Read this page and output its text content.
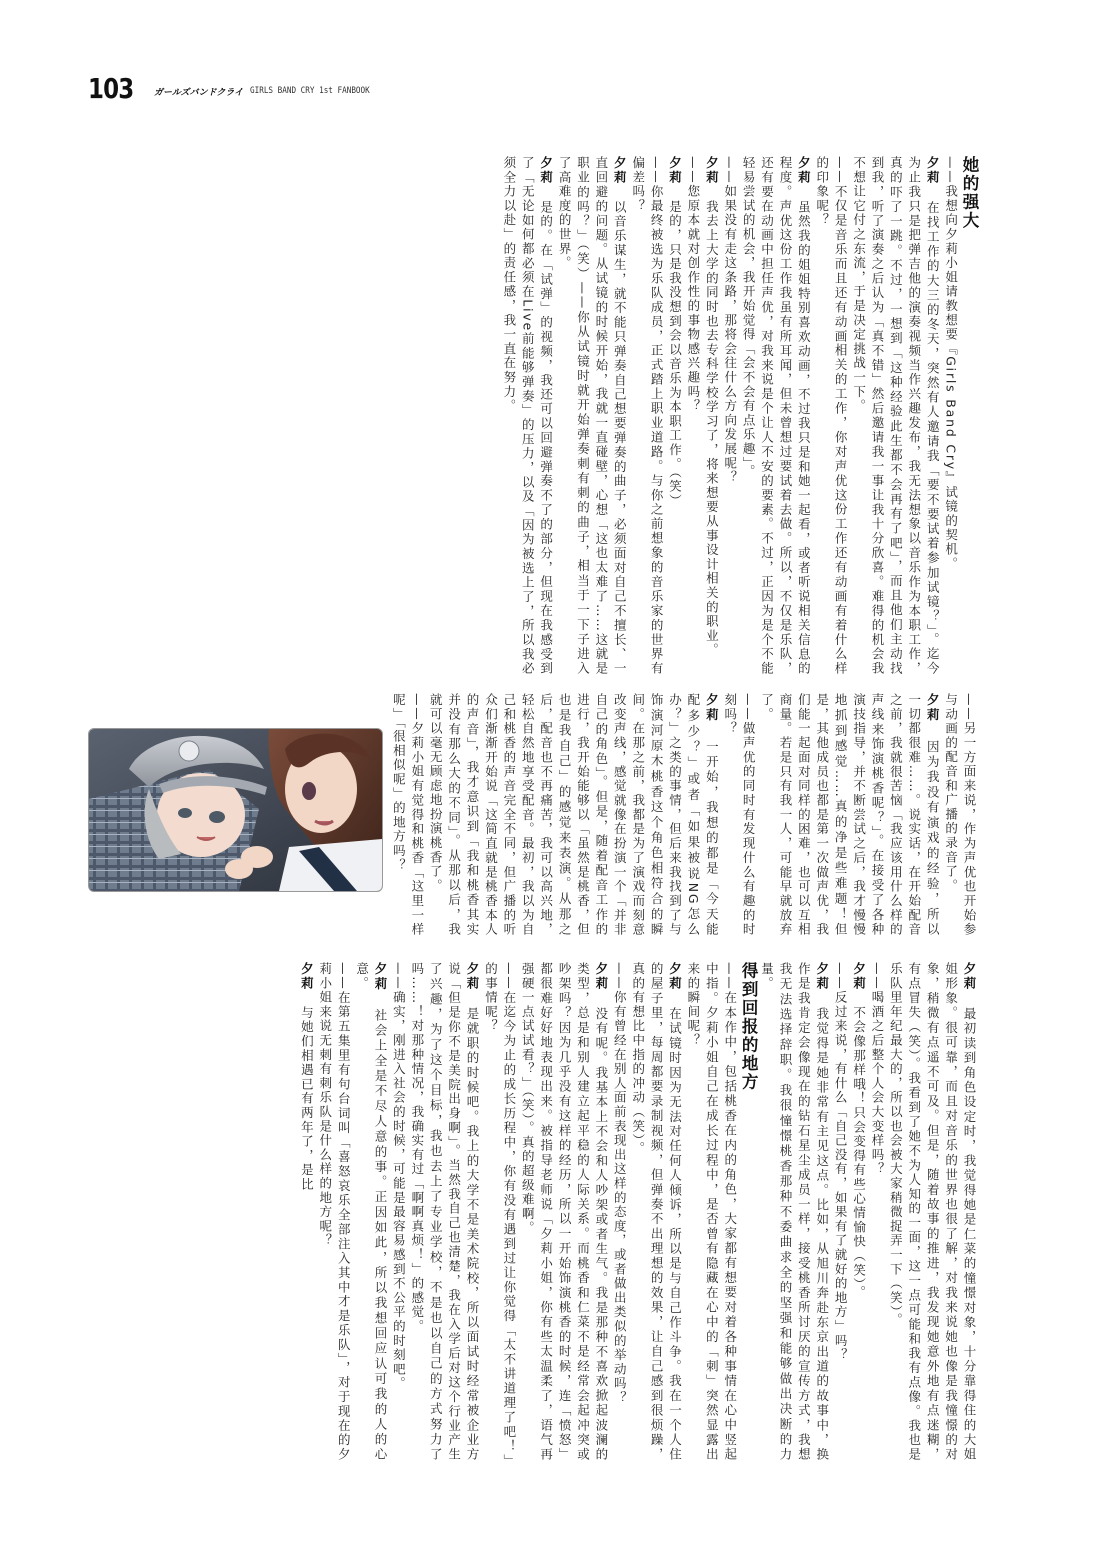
103 ガールズバンドクライ GIRLS BAND CRY 1st FANBOOK

她的强大

——我想向夕莉小姐请教想要『Girls Band Cry』试镜的契机。

夕莉　在找工作的大三的冬天，突然有人邀请我「要不要试着参加试镜？」。迄今为止我只是把弹吉他的演奏视频当作兴趣发布，我无法想象以音乐作为本职工作，真的吓了一跳。不过，一想到「这种经验此生都不会再有了吧」，而且他们主动找到我，听了演奏之后认为「真不错」然后邀请我一事让我十分欣喜。难得的机会我不想让它付之东流，于是决定挑战一下。

——不仅是音乐而且还有动画相关的工作，你对声优这份工作还有动画有着什么样的印象呢？

夕莉　虽然我的姐姐特别喜欢动画，不过我只是和她一起看，或者听说相关信息的程度。声优这份工作我虽有所耳闻，但未曾想过要试着去做。所以，不仅是乐队，还有要在动画中担任声优，对我来说是个让人不安的要素。不过，正因为是个不能轻易尝试的机会，我开始觉得「会不会有点乐趣」。

——如果没有走这条路，那将会往什么方向发展呢？

夕莉　我去上大学的同时也去专科学校学习了，将来想要从事设计相关的职业。

——您原本就对创作性的事物感兴趣吗？

夕莉　是的，只是我没想到会以音乐为本职工作。（笑）

——你最终被选为乐队成员，正式踏上职业道路。与你之前想象的音乐家的世界有偏差吗？

夕莉　以音乐谋生，就不能只弹奏自己想要弹奏的曲子，必须面对自己不擅长、一直回避的问题。从试镜的时候开始，我就一直碰壁，心想「这也太难了……这就是职业的吗？」（笑）——你从试镜时就开始弹奏刺有刺的曲子，相当于一下子进入了高难度的世界。

夕莉　是的。在「试弹」的视频，我还可以回避弹奏不了的部分，但现在我感受到了「无论如何都必须在Live前能够弹奏」的压力，以及「因为被选上了，所以我必须全力以赴」的责任感，我一直在努力。

——另一方面来说，作为声优也开始参与动画的配音和广播的录音了。

夕莉　因为我没有演戏的经验，所以一切都很难……。说实话，在开始配音之前，我就很苦恼「我应该用什么样的声线来饰演桃香呢？」。在接受了各种演技指导，并不断尝试之后，我才慢慢地抓到感觉……真的净是些难题！但是，其他成员也都是第一次做声优，我们能一起面对同样的困难，也可以互相商量。若是只有我一人，可能早就放弃了。

——做声优的同时有发现什么有趣的时刻吗？

夕莉　一开始，我想的都是「今天能配多少？」或者「如果被说NG怎么办？」之类的事情，但后来我找到了与饰演河原木桃香这个角色相符合的瞬间。在那之前，我都是为了演戏而刻意改变声线，感觉就像在扮演一个「并非自己的角色」。但是，随着配音工作的进行，我开始能够以「虽然是桃香，但也是我自己」的感觉来表演。从那之后，配音也不再痛苦，我可以高兴地，轻松自然地享受配音。最初，我以为自己和桃香的声音完全不同，但广播的听众们渐渐开始说「这简直就是桃香本人的声音」，我才意识到「我和桃香其实并没有那么大的不同」。从那以后，我就可以毫无顾虑地扮演桃香了。

——夕莉小姐有觉得和桃香「这里一样呢」「很相似呢」的地方吗？

夕莉　最初读到角色设定时，我觉得她是仁菜的憧憬对象，十分靠得住的大姐姐形象。很可靠，而且对音乐的世界也很了解，对我来说她也像是我憧憬的对象，稍微有点遥不可及。但是，随着故事的推进，我发现她意外地有点迷糊，有点冒失（笑）。我看到了她不为人知的一面，这一点可能和我有点像。我也是乐队里年纪最大的，所以也会被大家稍微捉弄一下（笑）。

——喝酒之后整个人会大变样吗？

夕莉　不会像那样哦！只会变得有些心情愉快（笑）。

——反过来说，有什么「自己没有，如果有了就好的地方」吗？

夕莉　我觉得是她非常有主见这点。比如，从旭川奔赴东京出道的故事中，换作是我肯定会像现在的钻石星尘成员一样，接受桃香所讨厌的宣传方式，我想我无法选择辞职。我很憧憬桃香那种不委曲求全的坚强和能够做出决断的力量。

得到回报的地方

——在本作中，包括桃香在内的角色，大家都有想要对着各种事情在心中竖起中指。夕莉小姐自己在成长过程中，是否曾有隐藏在心中的「刺」突然显露出来的瞬间呢？

夕莉　在试镜时因为无法对任何人倾诉，所以是与自己作斗争。我在一个人住的屋子里，每周都要录制视频，但弹奏不出理想的效果，让自己感到很烦躁，真的有想比中指的冲动（笑）。

——你有曾经在别人面前表现出这样的态度，或者做出类似的举动吗？

夕莉　没有呢。我基本上不会和人吵架或者生气。我是那种不喜欢掀起波澜的类型，总是和别人建立起平稳的人际关系。而桃香和仁菜不是经常会起冲突或吵架吗？因为几乎没有这样的经历，所以一开始饰演桃香的时候，连「愤怒」都很难好好地表现出来。被指导老师说「夕莉小姐，你有些太温柔了，语气再强硬一点试试看？」（笑）。真的超级难啊。

——在迄今为止的成长历程中，你有没有遇到过让你觉得「太不讲道理了吧！」的事情呢？

夕莉　是就职的时候吧。我上的大学不是美术院校，所以面试时经常被企业方说「但是你不是美院出身啊」。当然我自己也清楚，我在入学后对这个行业产生了兴趣，为了这个目标，我也去上了专业学校，不是也以自己的方式努力了吗……！对那种情况，我确实有过「啊啊真烦！」的感觉。

——确实，刚进入社会的时候，可能是最容易感到不公平的时刻吧。

夕莉　社会上全是不尽人意的事。正因如此，所以我想回应认可我的人的心意。

——在第五集里有句台词叫「喜怒哀乐全部注入其中才是乐队」，对于现在的夕莉小姐来说无刺有刺乐队是什么样的地方呢？

夕莉　与她们相遇已有两年了，是比
